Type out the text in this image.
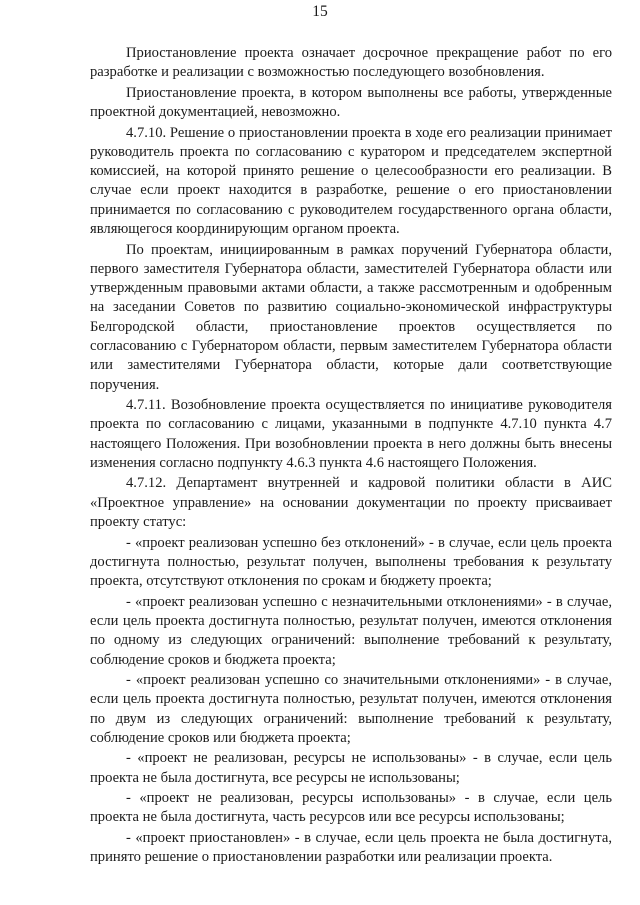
15

Приостановление проекта означает досрочное прекращение работ по его разработке и реализации с возможностью последующего возобновления.

Приостановление проекта, в котором выполнены все работы, утвержденные проектной документацией, невозможно.

4.7.10. Решение о приостановлении проекта в ходе его реализации принимает руководитель проекта по согласованию с куратором и председателем экспертной комиссией, на которой принято решение о целесообразности его реализации. В случае если проект находится в разработке, решение о его приостановлении принимается по согласованию с руководителем государственного органа области, являющегося координирующим органом проекта.

По проектам, инициированным в рамках поручений Губернатора области, первого заместителя Губернатора области, заместителей Губернатора области или утвержденным правовыми актами области, а также рассмотренным и одобренным на заседании Советов по развитию социально-экономической инфраструктуры Белгородской области, приостановление проектов осуществляется по согласованию с Губернатором области, первым заместителем Губернатора области или заместителями Губернатора области, которые дали соответствующие поручения.

4.7.11. Возобновление проекта осуществляется по инициативе руководителя проекта по согласованию с лицами, указанными в подпункте 4.7.10 пункта 4.7 настоящего Положения. При возобновлении проекта в него должны быть внесены изменения согласно подпункту 4.6.3 пункта 4.6 настоящего Положения.

4.7.12. Департамент внутренней и кадровой политики области в АИС «Проектное управление» на основании документации по проекту присваивает проекту статус:

- «проект реализован успешно без отклонений» - в случае, если цель проекта достигнута полностью, результат получен, выполнены требования к результату проекта, отсутствуют отклонения по срокам и бюджету проекта;

- «проект реализован успешно с незначительными отклонениями» - в случае, если цель проекта достигнута полностью, результат получен, имеются отклонения по одному из следующих ограничений: выполнение требований к результату, соблюдение сроков и бюджета проекта;

- «проект реализован успешно со значительными отклонениями» - в случае, если цель проекта достигнута полностью, результат получен, имеются отклонения по двум из следующих ограничений: выполнение требований к результату, соблюдение сроков или бюджета проекта;

- «проект не реализован, ресурсы не использованы» - в случае, если цель проекта не была достигнута, все ресурсы не использованы;

- «проект не реализован, ресурсы использованы» - в случае, если цель проекта не была достигнута, часть ресурсов или все ресурсы использованы;

- «проект приостановлен» - в случае, если цель проекта не была достигнута, принято решение о приостановлении разработки или реализации проекта.
